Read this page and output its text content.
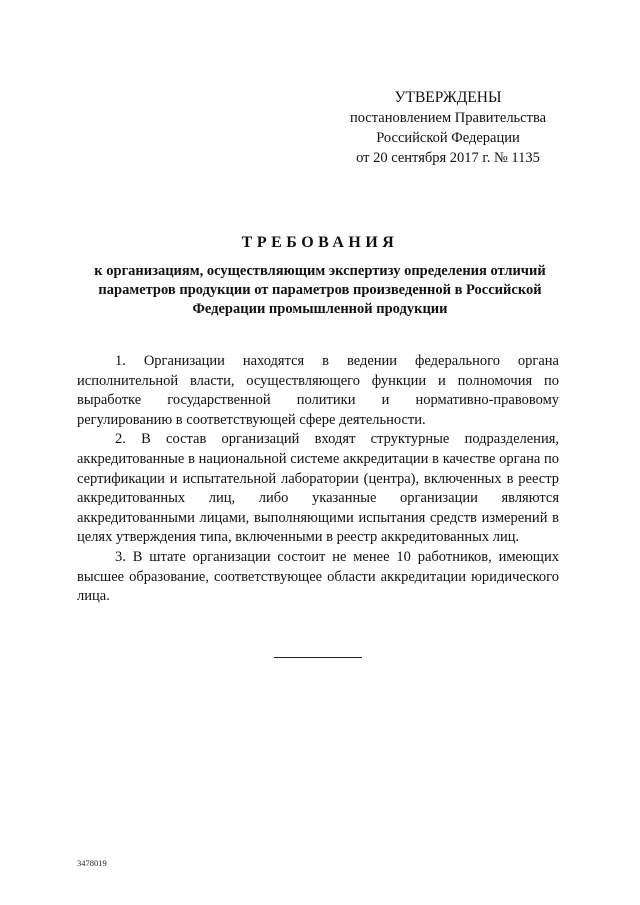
УТВЕРЖДЕНЫ
постановлением Правительства
Российской Федерации
от 20 сентября 2017 г. № 1135
ТРЕБОВАНИЯ
к организациям, осуществляющим экспертизу определения отличий параметров продукции от параметров произведенной в Российской Федерации промышленной продукции

1. Организации находятся в ведении федерального органа исполнительной власти, осуществляющего функции и полномочия по выработке государственной политики и нормативно-правовому регулированию в соответствующей сфере деятельности.

2. В состав организаций входят структурные подразделения, аккредитованные в национальной системе аккредитации в качестве органа по сертификации и испытательной лаборатории (центра), включенных в реестр аккредитованных лиц, либо указанные организации являются аккредитованными лицами, выполняющими испытания средств измерений в целях утверждения типа, включенными в реестр аккредитованных лиц.

3. В штате организации состоит не менее 10 работников, имеющих высшее образование, соответствующее области аккредитации юридического лица.

3478019
